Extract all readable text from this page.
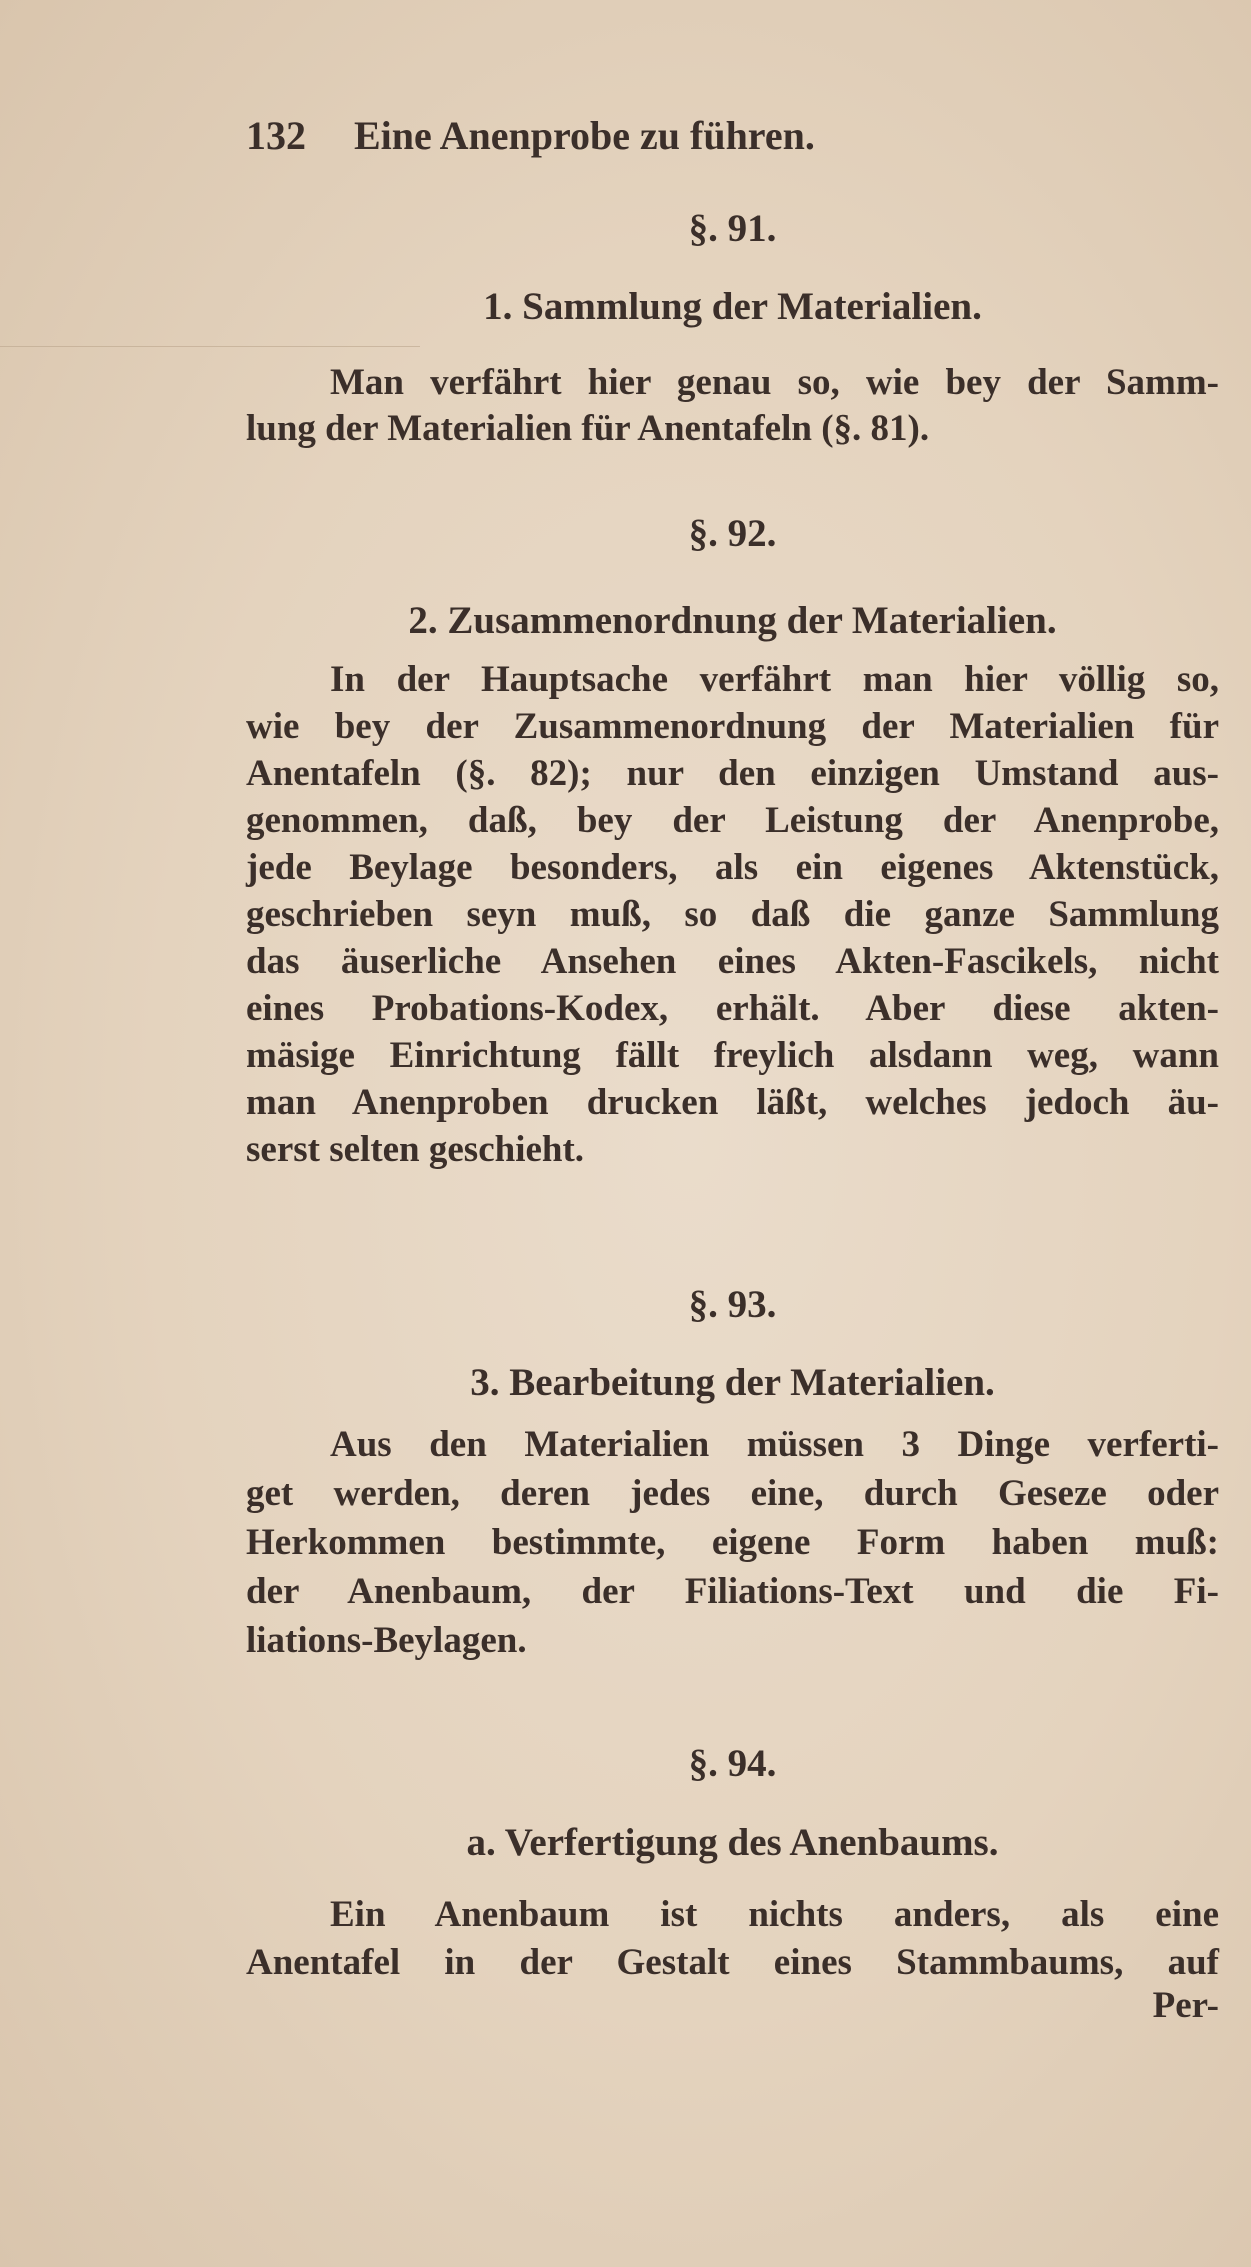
132 Eine Anenprobe zu führen.
§. 91.
1. Sammlung der Materialien.
Man verfährt hier genau so, wie bey der Samm-
lung der Materialien für Anentafeln (§. 81).
§. 92.
2. Zusammenordnung der Materialien.
In der Hauptsache verfährt man hier völlig so,
wie bey der Zusammenordnung der Materialien für
Anentafeln (§. 82); nur den einzigen Umstand aus-
genommen, daß, bey der Leistung der Anenprobe,
jede Beylage besonders, als ein eigenes Aktenstück,
geschrieben seyn muß, so daß die ganze Sammlung
das äuserliche Ansehen eines Akten-Fascikels, nicht
eines Probations-Kodex, erhält. Aber diese akten-
mäsige Einrichtung fällt freylich alsdann weg, wann
man Anenproben drucken läßt, welches jedoch äu-
serst selten geschieht.
§. 93.
3. Bearbeitung der Materialien.
Aus den Materialien müssen 3 Dinge verferti-
get werden, deren jedes eine, durch Geseze oder
Herkommen bestimmte, eigene Form haben muß:
der Anenbaum, der Filiations-Text und die Fi-
liations-Beylagen.
§. 94.
a. Verfertigung des Anenbaums.
Ein Anenbaum ist nichts anders, als eine
Anentafel in der Gestalt eines Stammbaums, auf
Per-
